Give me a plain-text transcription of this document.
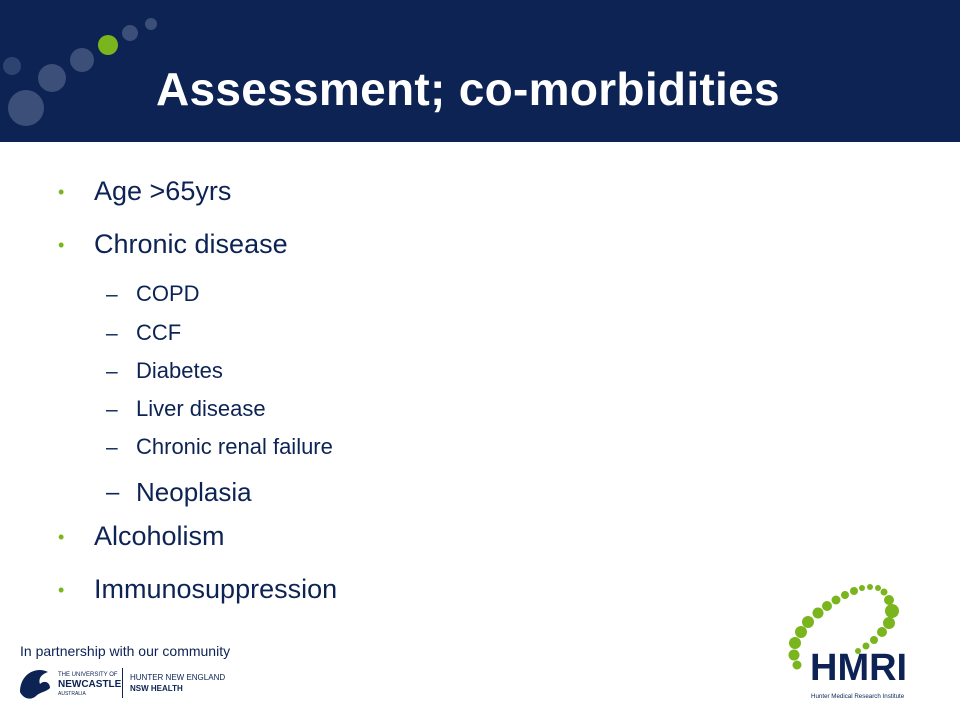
Assessment; co-morbidities
• Age >65yrs
• Chronic disease
– COPD
– CCF
– Diabetes
– Liver disease
– Chronic renal failure
– Neoplasia
• Alcoholism
• Immunosuppression
In partnership with our community
THE UNIVERSITY OF
NEWCASTLE
AUSTRALIA
HUNTER NEW ENGLAND
NSW HEALTH	HMRI
Hunter Medical Research Institute
